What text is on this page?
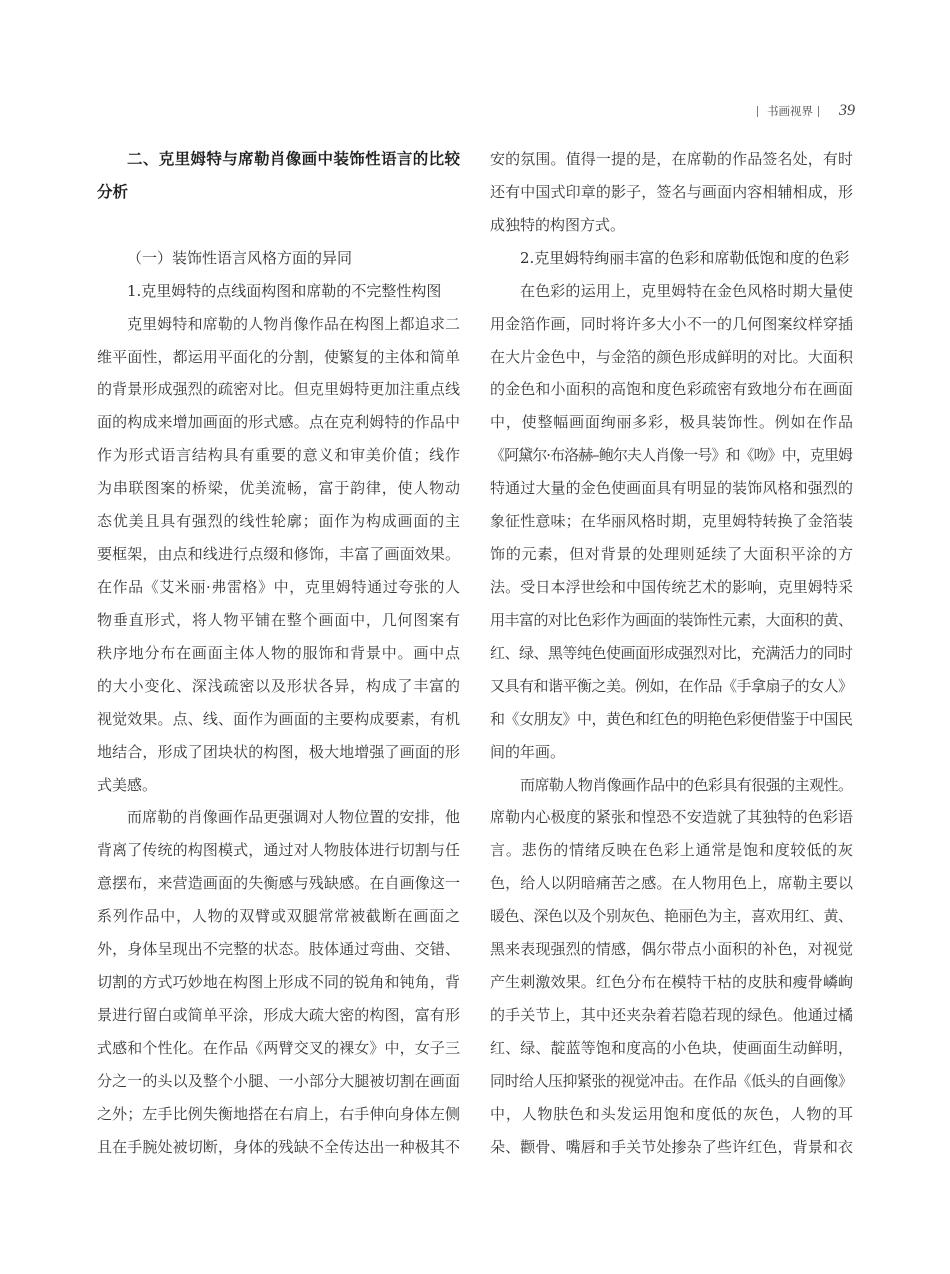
书画视界 39
二、克里姆特与席勒肖像画中装饰性语言的比较
分析
（一）装饰性语言风格方面的异同
1.克里姆特的点线面构图和席勒的不完整性构图
克里姆特和席勒的人物肖像作品在构图上都追求二
维平面性，都运用平面化的分割，使繁复的主体和简单
的背景形成强烈的疏密对比。但克里姆特更加注重点线
面的构成来增加画面的形式感。点在克利姆特的作品中
作为形式语言结构具有重要的意义和审美价值；线作
为串联图案的桥梁，优美流畅，富于韵律，使人物动
态优美且具有强烈的线性轮廓；面作为构成画面的主
要框架，由点和线进行点缀和修饰，丰富了画面效果。
在作品《艾米丽·弗雷格》中，克里姆特通过夸张的人
物垂直形式，将人物平铺在整个画面中，几何图案有
秩序地分布在画面主体人物的服饰和背景中。画中点
的大小变化、深浅疏密以及形状各异，构成了丰富的
视觉效果。点、线、面作为画面的主要构成要素，有机
地结合，形成了团块状的构图，极大地增强了画面的形
式美感。
而席勒的肖像画作品更强调对人物位置的安排，他
背离了传统的构图模式，通过对人物肢体进行切割与任
意摆布，来营造画面的失衡感与残缺感。在自画像这一
系列作品中，人物的双臂或双腿常常被截断在画面之
外，身体呈现出不完整的状态。肢体通过弯曲、交错、
切割的方式巧妙地在构图上形成不同的锐角和钝角，背
景进行留白或简单平涂，形成大疏大密的构图，富有形
式感和个性化。在作品《两臂交叉的裸女》中，女子三
分之一的头以及整个小腿、一小部分大腿被切割在画面
之外；左手比例失衡地搭在右肩上，右手伸向身体左侧
且在手腕处被切断，身体的残缺不全传达出一种极其不
安的氛围。值得一提的是，在席勒的作品签名处，有时
还有中国式印章的影子，签名与画面内容相辅相成，形
成独特的构图方式。
2.克里姆特绚丽丰富的色彩和席勒低饱和度的色彩
在色彩的运用上，克里姆特在金色风格时期大量使
用金箔作画，同时将许多大小不一的几何图案纹样穿插
在大片金色中，与金箔的颜色形成鲜明的对比。大面积
的金色和小面积的高饱和度色彩疏密有致地分布在画面
中，使整幅画面绚丽多彩，极具装饰性。例如在作品
《阿黛尔·布洛赫–鲍尔夫人肖像一号》和《吻》中，克里姆
特通过大量的金色使画面具有明显的装饰风格和强烈的
象征性意味；在华丽风格时期，克里姆特转换了金箔装
饰的元素，但对背景的处理则延续了大面积平涂的方
法。受日本浮世绘和中国传统艺术的影响，克里姆特采
用丰富的对比色彩作为画面的装饰性元素，大面积的黄、
红、绿、黑等纯色使画面形成强烈对比，充满活力的同时
又具有和谐平衡之美。例如，在作品《手拿扇子的女人》
和《女朋友》中，黄色和红色的明艳色彩便借鉴于中国民
间的年画。
而席勒人物肖像画作品中的色彩具有很强的主观性。
席勒内心极度的紧张和惶恐不安造就了其独特的色彩语
言。悲伤的情绪反映在色彩上通常是饱和度较低的灰
色，给人以阴暗痛苦之感。在人物用色上，席勒主要以
暖色、深色以及个别灰色、艳丽色为主，喜欢用红、黄、
黑来表现强烈的情感，偶尔带点小面积的补色，对视觉
产生刺激效果。红色分布在模特干枯的皮肤和瘦骨嶙峋
的手关节上，其中还夹杂着若隐若现的绿色。他通过橘
红、绿、靛蓝等饱和度高的小色块，使画面生动鲜明，
同时给人压抑紧张的视觉冲击。在作品《低头的自画像》
中，人物肤色和头发运用饱和度低的灰色，人物的耳
朵、颧骨、嘴唇和手关节处掺杂了些许红色，背景和衣
